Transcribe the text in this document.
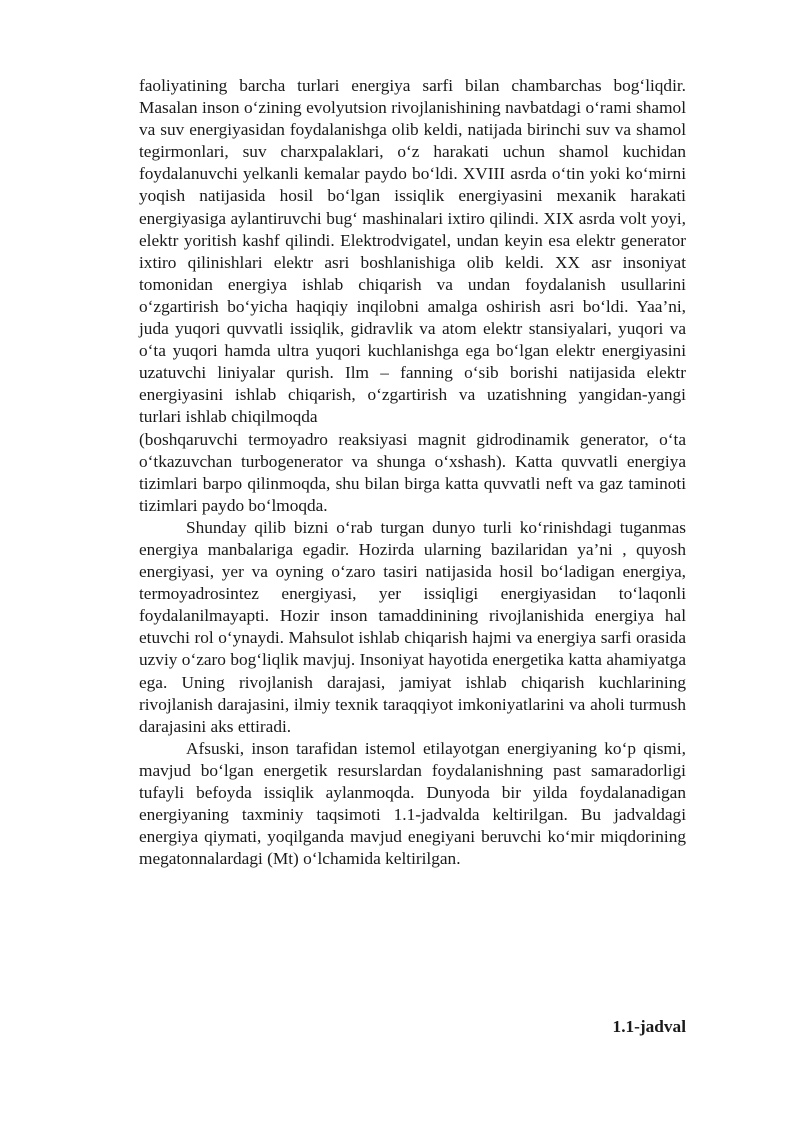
faoliyatining barcha turlari energiya sarfi bilan chambarchas bog‘liqdir. Masalan inson o‘zining evolyutsion rivojlanishining navbatdagi o‘rami shamol va suv energiyasidan foydalanishga olib keldi, natijada birinchi suv va shamol tegirmonlari, suv charxpalaklari, o‘z harakati uchun shamol kuchidan foydalanuvchi yelkanli kemalar paydo bo‘ldi. XVIII asrda o‘tin yoki ko‘mirni yoqish natijasida hosil bo‘lgan issiqlik energiyasini mexanik harakati energiyasiga aylantiruvchi bug‘ mashinalari ixtiro qilindi. XIX asrda volt yoyi, elektr yoritish kashf qilindi. Elektrodvigatel, undan keyin esa elektr generator ixtiro qilinishlari elektr asri boshlanishiga olib keldi. XX asr insoniyat tomonidan energiya ishlab chiqarish va undan foydalanish usullarini o‘zgartirish bo‘yicha haqiqiy inqilobni amalga oshirish asri bo‘ldi. Yaa’ni, juda yuqori quvvatli issiqlik, gidravlik va atom elektr stansiyalari, yuqori va o‘ta yuqori hamda ultra yuqori kuchlanishga ega bo‘lgan elektr energiyasini uzatuvchi liniyalar qurish. Ilm – fanning o‘sib borishi natijasida elektr energiyasini ishlab chiqarish, o‘zgartirish va uzatishning yangidan-yangi turlari ishlab chiqilmoqda

(boshqaruvchi termoyadro reaksiyasi magnit gidrodinamik generator, o‘ta o‘tkazuvchan turbogenerator va shunga o‘xshash). Katta quvvatli energiya tizimlari barpo qilinmoqda, shu bilan birga katta quvvatli neft va gaz taminoti tizimlari paydo bo‘lmoqda.

Shunday qilib bizni o‘rab turgan dunyo turli ko‘rinishdagi tuganmas energiya manbalariga egadir. Hozirda ularning bazilaridan ya’ni , quyosh energiyasi, yer va oyning o‘zaro tasiri natijasida hosil bo‘ladigan energiya, termoyadrosintez energiyasi, yer issiqligi energiyasidan to‘laqonli foydalanilmayapti. Hozir inson tamaddinining rivojlanishida energiya hal etuvchi rol o‘ynaydi. Mahsulot ishlab chiqarish hajmi va energiya sarfi orasida uzviy o‘zaro bog‘liqlik mavjuj. Insoniyat hayotida energetika katta ahamiyatga ega. Uning rivojlanish darajasi, jamiyat ishlab chiqarish kuchlarining rivojlanish darajasini, ilmiy texnik taraqqiyot imkoniyatlarini va aholi turmush darajasini aks ettiradi.

Afsuski, inson tarafidan istemol etilayotgan energiyaning ko‘p qismi, mavjud bo‘lgan energetik resurslardan foydalanishning past samaradorligi tufayli befoyda issiqlik aylanmoqda. Dunyoda bir yilda foydalanadigan energiyaning taxminiy taqsimoti 1.1-jadvalda keltirilgan. Bu jadvaldagi energiya qiymati, yoqilganda mavjud enegiyani beruvchi ko‘mir miqdorining megatonnalardagi (Mt) o‘lchamida keltirilgan.

1.1-jadval
